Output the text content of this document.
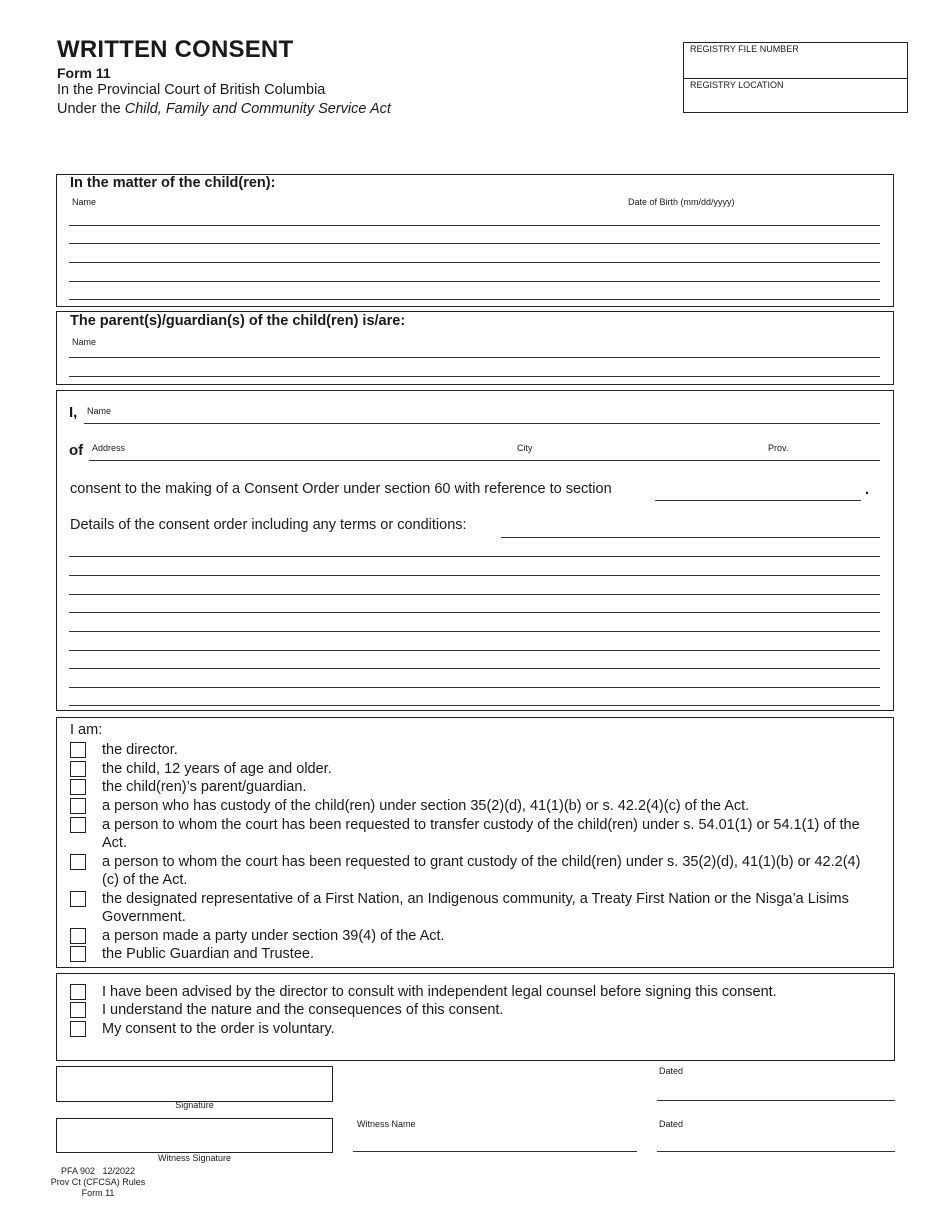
WRITTEN CONSENT
Form 11
In the Provincial Court of British Columbia
Under the Child, Family and Community Service Act
REGISTRY FILE NUMBER
REGISTRY LOCATION
In the matter of the child(ren):
Name	Date of Birth (mm/dd/yyyy)
The parent(s)/guardian(s) of the child(ren) is/are:
Name
I, Name
of Address	City	Prov.
consent to the making of a Consent Order under section 60 with reference to section	.
Details of the consent order including any terms or conditions:
I am:
the director.
the child, 12 years of age and older.
the child(ren)’s parent/guardian.
a person who has custody of the child(ren) under section 35(2)(d), 41(1)(b) or s. 42.2(4)(c) of the Act.
a person to whom the court has been requested to transfer custody of the child(ren) under s. 54.01(1) or 54.1(1) of the Act.
a person to whom the court has been requested to grant custody of the child(ren) under s. 35(2)(d), 41(1)(b) or 42.2(4)(c) of the Act.
the designated representative of a First Nation, an Indigenous community, a Treaty First Nation or the Nisga’a Lisims Government.
a person made a party under section 39(4) of the Act.
the Public Guardian and Trustee.
I have been advised by the director to consult with independent legal counsel before signing this consent.
I understand the nature and the consequences of this consent.
My consent to the order is voluntary.
Signature
Dated
Witness Signature
Witness Name	Dated
PFA 902   12/2022
Prov Ct (CFCSA) Rules
Form 11
